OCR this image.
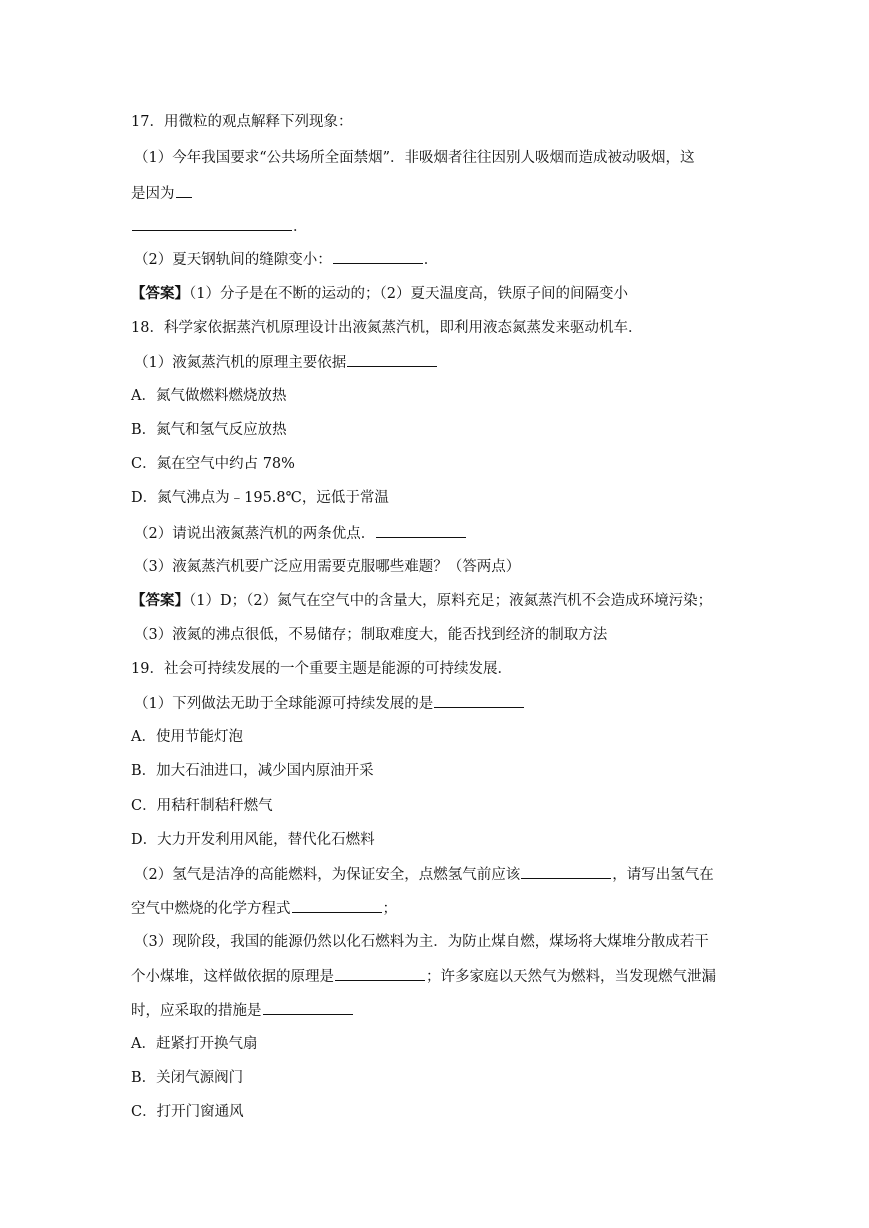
17．用微粒的观点解释下列现象：
（1）今年我国要求“公共场所全面禁烟”．非吸烟者往往因别人吸烟而造成被动吸烟，这
是因为
．
（2）夏天钢轨间的缝隙变小：	．
【答案】（1）分子是在不断的运动的；（2）夏天温度高，铁原子间的间隔变小
18．科学家依据蒸汽机原理设计出液氮蒸汽机，即利用液态氮蒸发来驱动机车．
（1）液氮蒸汽机的原理主要依据
A．氮气做燃料燃烧放热
B．氮气和氢气反应放热
C．氮在空气中约占 78%
D．氮气沸点为﹣195.8℃，远低于常温
（2）请说出液氮蒸汽机的两条优点．
（3）液氮蒸汽机要广泛应用需要克服哪些难题？（答两点）
【答案】（1）D；（2）氮气在空气中的含量大，原料充足；液氮蒸汽机不会造成环境污染；
（3）液氮的沸点很低，不易储存；制取难度大，能否找到经济的制取方法
19．社会可持续发展的一个重要主题是能源的可持续发展．
（1）下列做法无助于全球能源可持续发展的是
A．使用节能灯泡
B．加大石油进口，减少国内原油开采
C．用秸秆制秸秆燃气
D．大力开发利用风能，替代化石燃料
（2）氢气是洁净的高能燃料，为保证安全，点燃氢气前应该	，请写出氢气在
空气中燃烧的化学方程式	；
（3）现阶段，我国的能源仍然以化石燃料为主．为防止煤自燃，煤场将大煤堆分散成若干
个小煤堆，这样做依据的原理是	；许多家庭以天然气为燃料，当发现燃气泄漏
时，应采取的措施是
A．赶紧打开换气扇
B．关闭气源阀门
C．打开门窗通风
